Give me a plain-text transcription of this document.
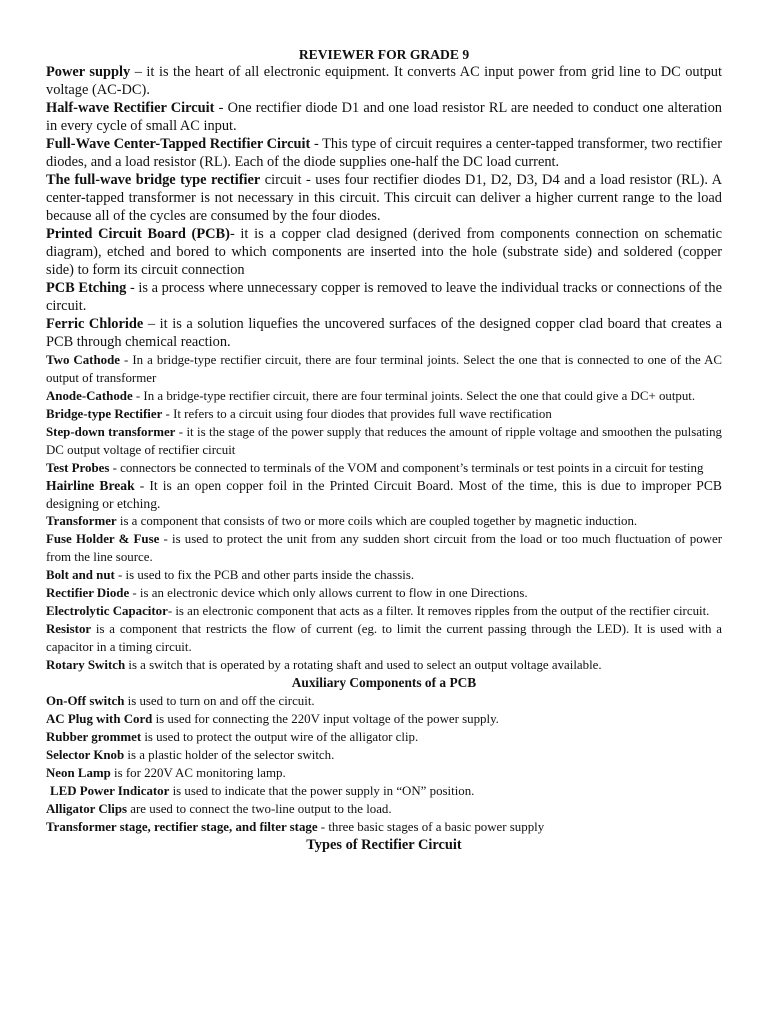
REVIEWER FOR GRADE 9

Power supply – it is the heart of all electronic equipment. It converts AC input power from grid line to DC output voltage (AC-DC).

Half-wave Rectifier Circuit - One rectifier diode D1 and one load resistor RL are needed to conduct one alteration in every cycle of small AC input.

Full-Wave Center-Tapped Rectifier Circuit - This type of circuit requires a center-tapped transformer, two rectifier diodes, and a load resistor (RL). Each of the diode supplies one-half the DC load current.

The full-wave bridge type rectifier circuit - uses four rectifier diodes D1, D2, D3, D4 and a load resistor (RL). A center-tapped transformer is not necessary in this circuit. This circuit can deliver a higher current range to the load because all of the cycles are consumed by the four diodes.

Printed Circuit Board (PCB)- it is a copper clad designed (derived from components connection on schematic diagram), etched and bored to which components are inserted into the hole (substrate side) and soldered (copper side) to form its circuit connection

PCB Etching - is a process where unnecessary copper is removed to leave the individual tracks or connections of the circuit.

Ferric Chloride – it is a solution liquefies the uncovered surfaces of the designed copper clad board that creates a PCB through chemical reaction.

Two Cathode - In a bridge-type rectifier circuit, there are four terminal joints. Select the one that is connected to one of the AC output of transformer

Anode-Cathode - In a bridge-type rectifier circuit, there are four terminal joints. Select the one that could give a DC+ output.

Bridge-type Rectifier - It refers to a circuit using four diodes that provides full wave rectification

Step-down transformer - it is the stage of the power supply that reduces the amount of ripple voltage and smoothen the pulsating DC output voltage of rectifier circuit

Test Probes - connectors be connected to terminals of the VOM and component’s terminals or test points in a circuit for testing

Hairline Break - It is an open copper foil in the Printed Circuit Board. Most of the time, this is due to improper PCB designing or etching.

Transformer is a component that consists of two or more coils which are coupled together by magnetic induction.

Fuse Holder & Fuse - is used to protect the unit from any sudden short circuit from the load or too much fluctuation of power from the line source.

Bolt and nut - is used to fix the PCB and other parts inside the chassis.

Rectifier Diode - is an electronic device which only allows current to flow in one Directions.

Electrolytic Capacitor- is an electronic component that acts as a filter. It removes ripples from the output of the rectifier circuit.

Resistor is a component that restricts the flow of current (eg. to limit the current passing through the LED). It is used with a capacitor in a timing circuit.

Rotary Switch is a switch that is operated by a rotating shaft and used to select an output voltage available.

Auxiliary Components of a PCB

On-Off switch is used to turn on and off the circuit.

AC Plug with Cord is used for connecting the 220V input voltage of the power supply.

Rubber grommet is used to protect the output wire of the alligator clip.

Selector Knob is a plastic holder of the selector switch.

Neon Lamp is for 220V AC monitoring lamp.

LED Power Indicator is used to indicate that the power supply in “ON” position.

Alligator Clips are used to connect the two-line output to the load.

Transformer stage, rectifier stage, and filter stage - three basic stages of a basic power supply

Types of Rectifier Circuit
